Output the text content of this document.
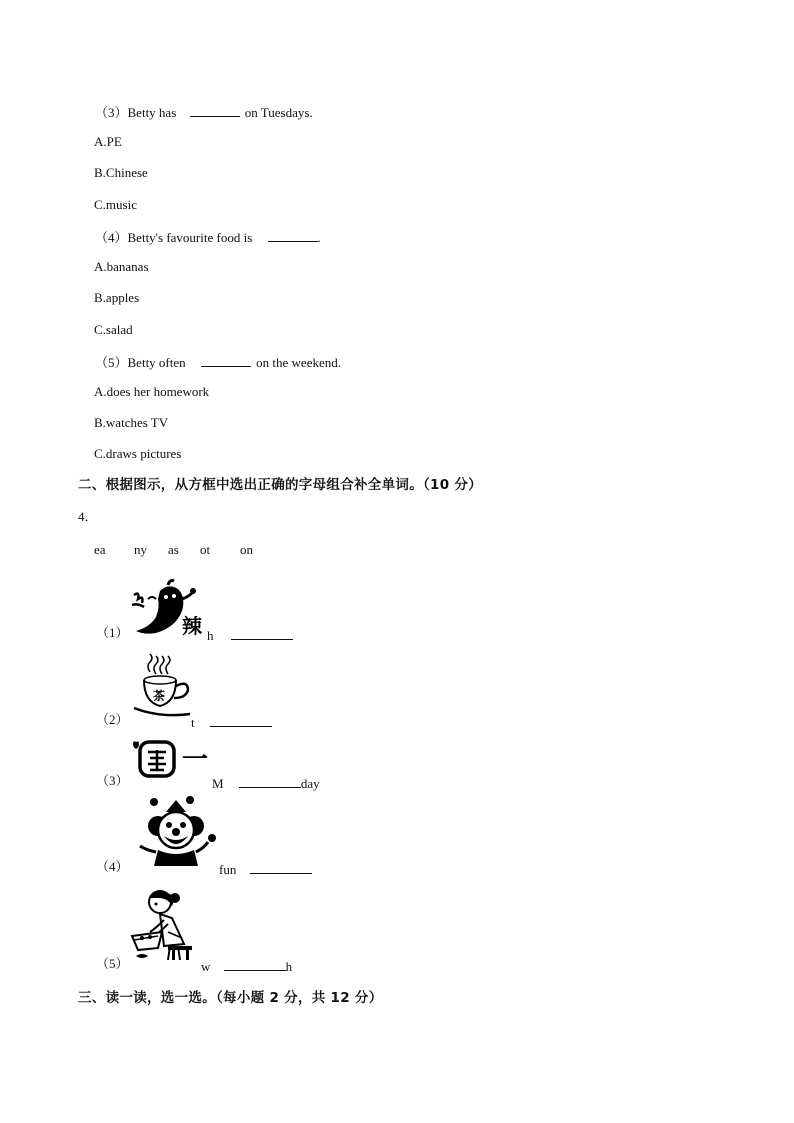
（3）Betty has	on Tuesdays.
A.PE
B.Chinese
C.music
（4）Betty's favourite food is	.
A.bananas
B.apples
C.salad
（5）Betty often	on the weekend.
A.does her homework
B.watches TV
C.draws pictures
二、根据图示，从方框中选出正确的字母组合补全单词。（10 分）
4．
ea ny as ot on
辣
（1）	h
茶
（2）	t
一
（3）	M	day
（4）	fun
（5）	w	h
三、读一读，选一选。（每小题 2 分，共 12 分）
